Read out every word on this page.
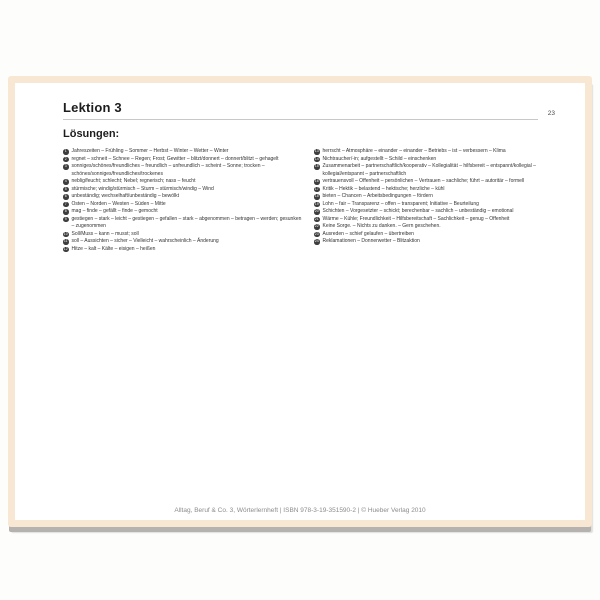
Lektion 3	23
Lösungen:
1 Jahreszeiten – Frühling – Sommer – Herbst – Winter – Wetter – Winter
2 regnet – schneit – Schnee – Regen; Frost; Gewitter – blitzt/donnert – donnert/blitzt – gehagelt
3 sonniges/schönes/freundliches – freundlich – unfreundlich – scheint – Sonne; trocken – schönes/sonniges/freundliches/trockenes
4 neblig/feucht; schlecht; Nebel; regnerisch; nass – feucht
5 stürmische; windig/stürmisch – Sturm – stürmisch/windig – Wind
6 unbeständig; wechselhaft/unbeständig – bewölkt
7 Osten – Norden – Westen – Süden – Mitte
8 mag – finde – gefällt – finde – gemocht
9 gestiegen – stark – leicht – gestiegen – gefallen – stark – abgenommen – betragen – werden; gesunken – zugenommen
10 Soll/Muss – kann – musst; soll
11 soll – Aussichten – sicher – Vielleicht – wahrscheinlich – Änderung
12 Hitze – kalt – Kälte – eisigen – heißen
13 herrscht – Atmosphäre – einander – einander – Betriebs – ist – verbessern – Klima
14 Nichtraucher/-in; aufgestellt – Schild – einschenken
15 Zusammenarbeit – partnerschaftlich/kooperativ – Kollegialität – hilfsbereit – entspannt/kollegial – kollegial/entspannt – partnerschaftlich
16 vertrauensvoll – Offenheit – persönlichen – Vertrauen – sachliche; führt – autoritär – formell
17 Kritik – Hektik – belastend – hektische; herzliche – kühl
18 bieten – Chancen – Arbeitsbedingungen – fördern
19 Lohn – fair – Transparenz – offen – transparent; Initiative – Beurteilung
20 Schichten – Vorgesetzter – schickt; berechenbar – sachlich – unbeständig – emotional
21 Wärme – Kühle; Freundlichkeit – Hilfsbereitschaft – Sachlichkeit – genug – Offenheit
22 Keine Sorge. – Nichts zu danken. – Gern geschehen.
23 Ausreden – schief gelaufen – übertreiben
24 Reklamationen – Donnerwetter – Blitzaktion
Alltag, Beruf & Co. 3, Wörterlernheft | ISBN 978-3-19-351590-2 | © Hueber Verlag 2010
